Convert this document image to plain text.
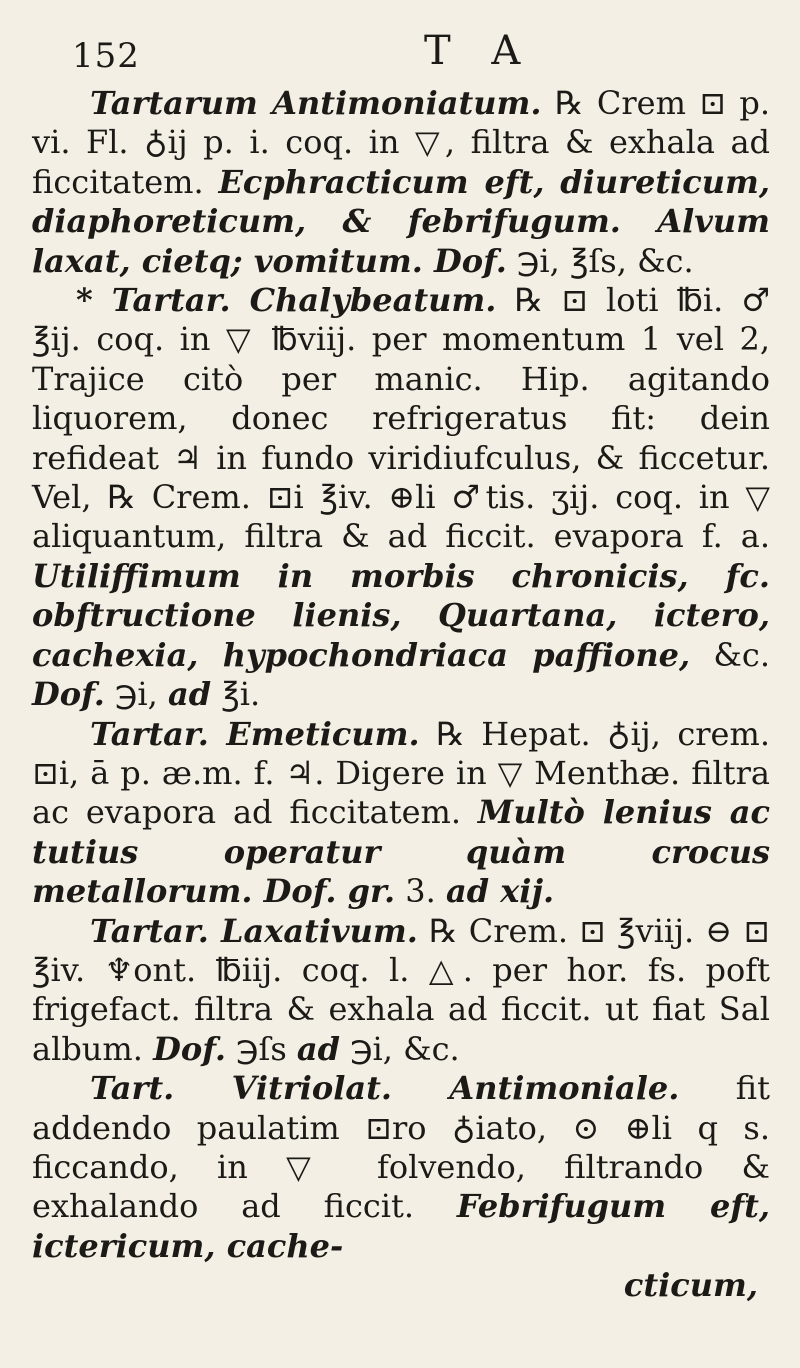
152	T A

Tartarum Antimoniatum. ℞ Crem ⊡ p. vi. Fl. ♁ij p. i. coq. in ▽, filtra & exhala ad ficcitatem. Ecphracticum eft, diureticum, diaphoreticum, & febrifugum. Alvum laxat, cietq; vomitum. Dof. ℈i, ℥ſs, &c.

* Tartar. Chalybeatum. ℞ ⊡ loti ℔i. ♂ ℥ij. coq. in ▽ ℔viij. per momentum 1 vel 2, Trajice citò per manic. Hip. agitando liquorem, donec refrigeratus fit: dein refideat ♃ in fundo viridiufculus, & ficcetur. Vel, ℞ Crem. ⊡i ℥iv. ⊕li ♂tis. ʒij. coq. in ▽ aliquantum, filtra & ad ficcit. evapora f. a. Utiliffimum in morbis chronicis, fc. obftructione lienis, Quartana, ictero, cachexia, hypochondriaca paffione, &c. Dof. ℈i, ad ℥i.

Tartar. Emeticum. ℞ Hepat. ♁ij, crem. ⊡i, ā p. æ.m. f. ♃. Digere in ▽ Menthæ. filtra ac evapora ad ficcitatem. Multò lenius ac tutius operatur quàm crocus metallorum. Dof. gr. 3. ad xij.

Tartar. Laxativum. ℞ Crem. ⊡ ℥viij. ⊖ ⊡ ℥iv. ♆ont. ℔iij. coq. l. △. per hor. fs. poft frigefact. filtra & exhala ad ficcit. ut fiat Sal album. Dof. ℈ſs ad ℈i, &c.

Tart. Vitriolat. Antimoniale. fit addendo paulatim ⊡ro ♁iato, ⊙ ⊕li q s. ficcando, in ▽ folvendo, filtrando & exhalando ad ficcit. Febrifugum eft, ictericum, cache-

cticum,
